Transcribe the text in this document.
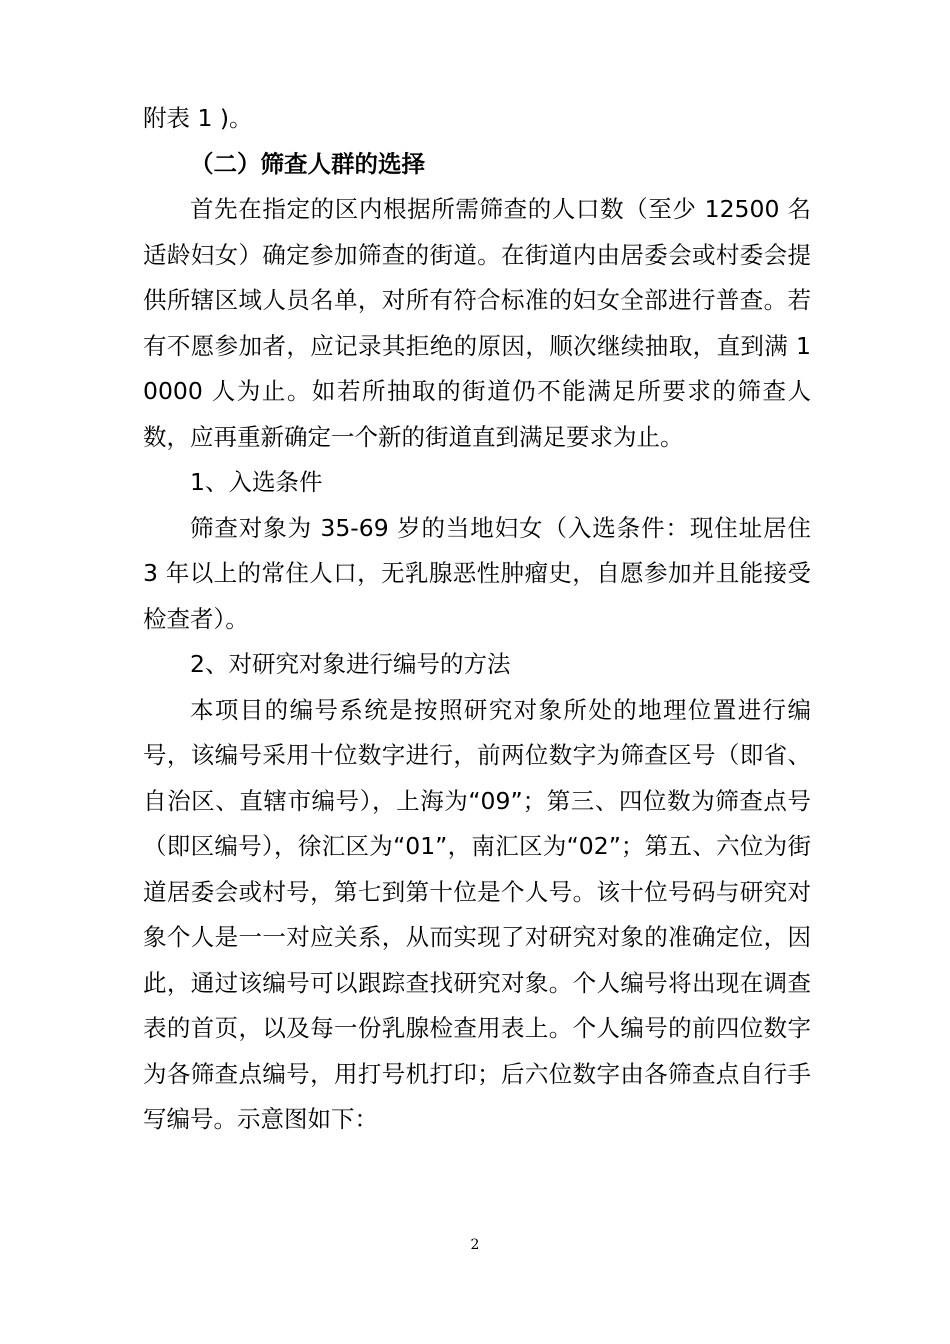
附表 1 )。

（二）筛查人群的选择

首先在指定的区内根据所需筛查的人口数（至少 12500 名适龄妇女）确定参加筛查的街道。在街道内由居委会或村委会提供所辖区域人员名单，对所有符合标准的妇女全部进行普查。若有不愿参加者，应记录其拒绝的原因，顺次继续抽取，直到满 10000 人为止。如若所抽取的街道仍不能满足所要求的筛查人数，应再重新确定一个新的街道直到满足要求为止。

1、入选条件

筛查对象为 35-69 岁的当地妇女（入选条件：现住址居住 3 年以上的常住人口，无乳腺恶性肿瘤史，自愿参加并且能接受检查者）。

2、对研究对象进行编号的方法

本项目的编号系统是按照研究对象所处的地理位置进行编号，该编号采用十位数字进行，前两位数字为筛查区号（即省、自治区、直辖市编号），上海为“09”；第三、四位数为筛查点号（即区编号），徐汇区为“01”，南汇区为“02”；第五、六位为街道居委会或村号，第七到第十位是个人号。该十位号码与研究对象个人是一一对应关系，从而实现了对研究对象的准确定位，因此，通过该编号可以跟踪查找研究对象。个人编号将出现在调查表的首页，以及每一份乳腺检查用表上。个人编号的前四位数字为各筛查点编号，用打号机打印；后六位数字由各筛查点自行手写编号。示意图如下：

2
